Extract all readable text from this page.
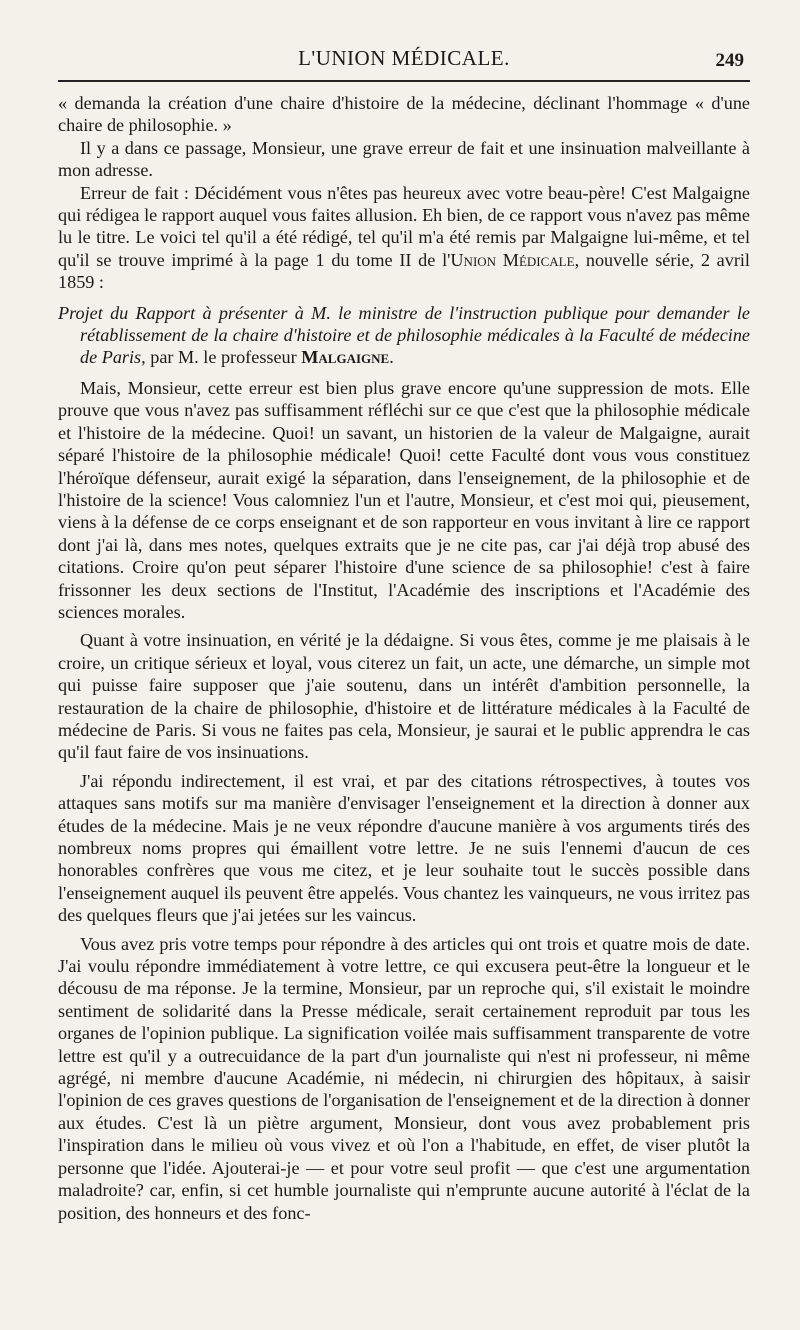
L'UNION MÉDICALE.	249

« demanda la création d'une chaire d'histoire de la médecine, déclinant l'hommage « d'une chaire de philosophie. »

Il y a dans ce passage, Monsieur, une grave erreur de fait et une insinuation malveillante à mon adresse.

Erreur de fait : Décidément vous n'êtes pas heureux avec votre beau-père! C'est Malgaigne qui rédigea le rapport auquel vous faites allusion. Eh bien, de ce rapport vous n'avez pas même lu le titre. Le voici tel qu'il a été rédigé, tel qu'il m'a été remis par Malgaigne lui-même, et tel qu'il se trouve imprimé à la page 1 du tome II de l'Union Médicale, nouvelle série, 2 avril 1859 :

Projet du Rapport à présenter à M. le ministre de l'instruction publique pour demander le rétablissement de la chaire d'histoire et de philosophie médicales à la Faculté de médecine de Paris, par M. le professeur Malgaigne.

Mais, Monsieur, cette erreur est bien plus grave encore qu'une suppression de mots. Elle prouve que vous n'avez pas suffisamment réfléchi sur ce que c'est que la philosophie médicale et l'histoire de la médecine. Quoi! un savant, un historien de la valeur de Malgaigne, aurait séparé l'histoire de la philosophie médicale! Quoi! cette Faculté dont vous vous constituez l'héroïque défenseur, aurait exigé la séparation, dans l'enseignement, de la philosophie et de l'histoire de la science! Vous calomniez l'un et l'autre, Monsieur, et c'est moi qui, pieusement, viens à la défense de ce corps enseignant et de son rapporteur en vous invitant à lire ce rapport dont j'ai là, dans mes notes, quelques extraits que je ne cite pas, car j'ai déjà trop abusé des citations. Croire qu'on peut séparer l'histoire d'une science de sa philosophie! c'est à faire frissonner les deux sections de l'Institut, l'Académie des inscriptions et l'Académie des sciences morales.

Quant à votre insinuation, en vérité je la dédaigne. Si vous êtes, comme je me plaisais à le croire, un critique sérieux et loyal, vous citerez un fait, un acte, une démarche, un simple mot qui puisse faire supposer que j'aie soutenu, dans un intérêt d'ambition personnelle, la restauration de la chaire de philosophie, d'histoire et de littérature médicales à la Faculté de médecine de Paris. Si vous ne faites pas cela, Monsieur, je saurai et le public apprendra le cas qu'il faut faire de vos insinuations.

J'ai répondu indirectement, il est vrai, et par des citations rétrospectives, à toutes vos attaques sans motifs sur ma manière d'envisager l'enseignement et la direction à donner aux études de la médecine. Mais je ne veux répondre d'aucune manière à vos arguments tirés des nombreux noms propres qui émaillent votre lettre. Je ne suis l'ennemi d'aucun de ces honorables confrères que vous me citez, et je leur souhaite tout le succès possible dans l'enseignement auquel ils peuvent être appelés. Vous chantez les vainqueurs, ne vous irritez pas des quelques fleurs que j'ai jetées sur les vaincus.

Vous avez pris votre temps pour répondre à des articles qui ont trois et quatre mois de date. J'ai voulu répondre immédiatement à votre lettre, ce qui excusera peut-être la longueur et le décousu de ma réponse. Je la termine, Monsieur, par un reproche qui, s'il existait le moindre sentiment de solidarité dans la Presse médicale, serait certainement reproduit par tous les organes de l'opinion publique. La signification voilée mais suffisamment transparente de votre lettre est qu'il y a outrecuidance de la part d'un journaliste qui n'est ni professeur, ni même agrégé, ni membre d'aucune Académie, ni médecin, ni chirurgien des hôpitaux, à saisir l'opinion de ces graves questions de l'organisation de l'enseignement et de la direction à donner aux études. C'est là un piètre argument, Monsieur, dont vous avez probablement pris l'inspiration dans le milieu où vous vivez et où l'on a l'habitude, en effet, de viser plutôt la personne que l'idée. Ajouterai-je — et pour votre seul profit — que c'est une argumentation maladroite? car, enfin, si cet humble journaliste qui n'emprunte aucune autorité à l'éclat de la position, des honneurs et des fonc-
